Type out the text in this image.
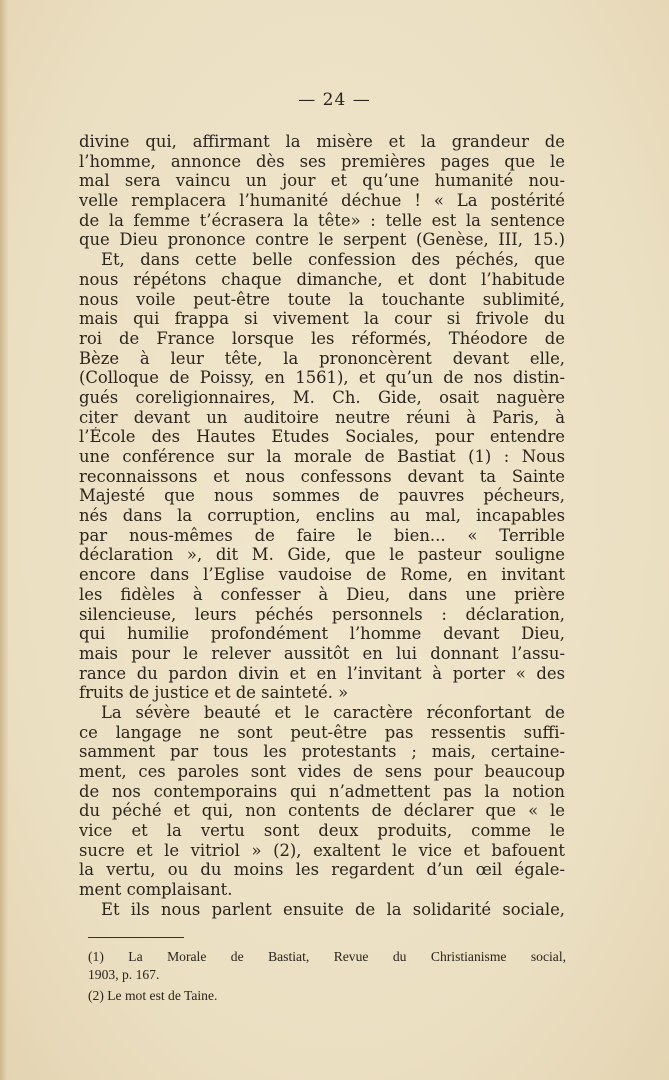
— 24 —
divine qui, affirmant la misère et la grandeur de
l’homme, annonce dès ses premières pages que le
mal sera vaincu un jour et qu’une humanité nou-
velle remplacera l’humanité déchue ! « La postérité
de la femme t’écrasera la tête» : telle est la sentence
que Dieu prononce contre le serpent (Genèse, III, 15.)
Et, dans cette belle confession des péchés, que
nous répétons chaque dimanche, et dont l’habitude
nous voile peut-être toute la touchante sublimité,
mais qui frappa si vivement la cour si frivole du
roi de France lorsque les réformés, Théodore de
Bèze à leur tête, la prononcèrent devant elle,
(Colloque de Poissy, en 1561), et qu’un de nos distin-
gués coreligionnaires, M. Ch. Gide, osait naguère
citer devant un auditoire neutre réuni à Paris, à
l’École des Hautes Etudes Sociales, pour entendre
une conférence sur la morale de Bastiat (1) : Nous
reconnaissons et nous confessons devant ta Sainte
Majesté que nous sommes de pauvres pécheurs,
nés dans la corruption, enclins au mal, incapables
par nous-mêmes de faire le bien... « Terrible
déclaration », dit M. Gide, que le pasteur souligne
encore dans l’Eglise vaudoise de Rome, en invitant
les fidèles à confesser à Dieu, dans une prière
silencieuse, leurs péchés personnels : déclaration,
qui humilie profondément l’homme devant Dieu,
mais pour le relever aussitôt en lui donnant l’assu-
rance du pardon divin et en l’invitant à porter « des
fruits de justice et de sainteté. »
La sévère beauté et le caractère réconfortant de
ce langage ne sont peut-être pas ressentis suffi-
samment par tous les protestants ; mais, certaine-
ment, ces paroles sont vides de sens pour beaucoup
de nos contemporains qui n’admettent pas la notion
du péché et qui, non contents de déclarer que « le
vice et la vertu sont deux produits, comme le
sucre et le vitriol » (2), exaltent le vice et bafouent
la vertu, ou du moins les regardent d’un œil égale-
ment complaisant.
Et ils nous parlent ensuite de la solidarité sociale,
(1) La Morale de Bastiat, Revue du Christianisme social,
1903, p. 167.
(2) Le mot est de Taine.
